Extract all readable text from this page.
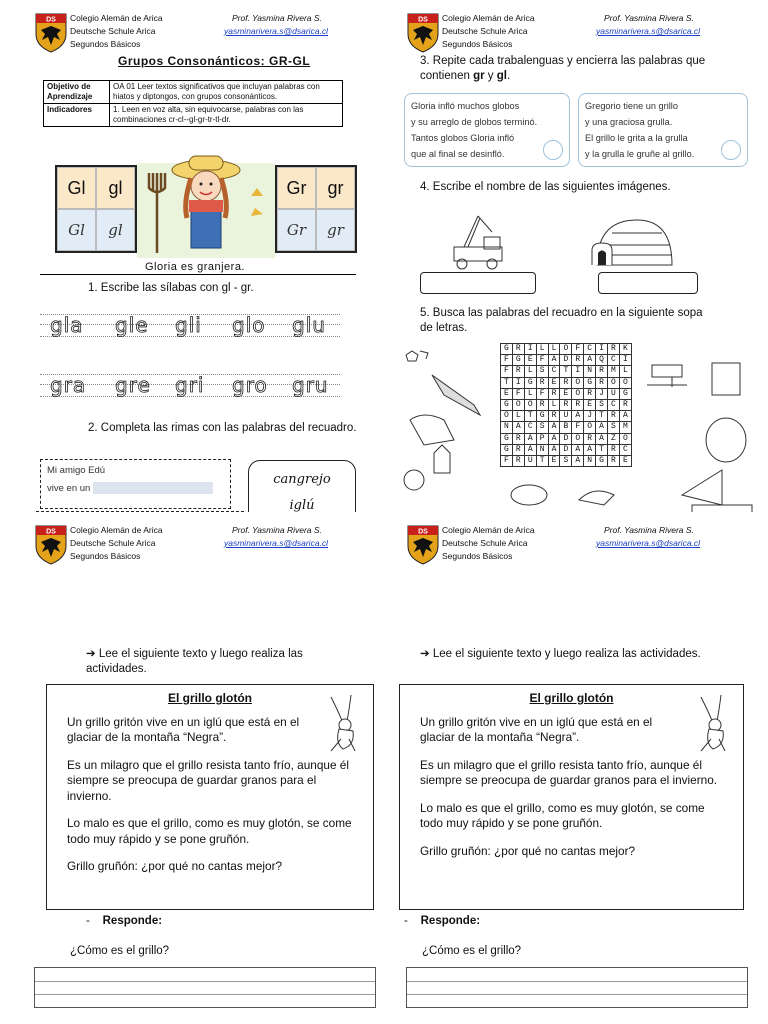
DS Colegio Alemán de Arica
Deutsche Schule Arica
Segundos Básicos
Prof. Yasmina Rivera S.
yasminarivera.s@dsarica.cl
Grupos Consonánticos: GR-GL
Objetivo de Aprendizaje	OA 01 Leer textos significativos que incluyan palabras con hiatos y diptongos, con grupos consonánticos.
Indicadores	1. Leen en voz alta, sin equivocarse, palabras con las combinaciones cr-cl--gl-gr-tr-tl-dr.
Gl	gl
Gl	gl
Gr	gr
Gr	gr
Gloria es granjera.
1. Escribe las sílabas con gl - gr.
gla gle gli glo glu
gra gre gri gro gru
2. Completa las rimas con las palabras del recuadro.
Mi amigo Edú
vive en un
cangrejo
iglú
DS Colegio Alemán de Arica
Deutsche Schule Arica
Segundos Básicos
Prof. Yasmina Rivera S.
yasminarivera.s@dsarica.cl
3. Repite cada trabalenguas y encierra las palabras que contienen gr y gl.
Gloria infló muchos globos
y su arreglo de globos terminó.
Tantos globos Gloria infló
que al final se desinfló.
Gregorio tiene un grillo
y una graciosa grulla.
El grillo le grita a la grulla
y la grulla le gruñe al grillo.
4. Escribe el nombre de las siguientes imágenes.
5. Busca las palabras del recuadro en la siguiente sopa de letras.
G	R	I	L	L	O	F	C	I	R	K
F	G	E	F	A	D	R	A	Q	C	I
F	R	L	S	C	T	I	N	R	M	L
T	I	G	R	E	R	O	G	R	O	O
E	F	L	F	R	E	O	R	J	U	G
G	O	O	R	L	R	R	E	S	C	R
O	L	T	G	R	U	A	J	T	R	A
N	A	C	S	A	B	F	O	A	S	M
G	R	A	P	A	D	O	R	A	Z	O
G	R	A	N	A	D	A	A	T	R	C
F	R	U	T	E	S	A	N	G	R	E
DS Colegio Alemán de Arica
Deutsche Schule Arica
Segundos Básicos
Prof. Yasmina Rivera S.
yasminarivera.s@dsarica.cl
➔ Lee el siguiente texto y luego realiza las actividades.
El grillo glotón

Un grillo gritón vive en un iglú que está en el glaciar de la montaña “Negra”.

Es un milagro que el grillo resista tanto frío, aunque él siempre se preocupa de guardar granos para el invierno.

Lo malo es que el grillo, como es muy glotón, se come todo muy rápido y se pone gruñón.

Grillo gruñón: ¿por qué no cantas mejor?

-    Responde:
¿Cómo es el grillo?
DS Colegio Alemán de Arica
Deutsche Schule Arica
Segundos Básicos
Prof. Yasmina Rivera S.
yasminarivera.s@dsarica.cl
➔ Lee el siguiente texto y luego realiza las actividades.
El grillo glotón

Un grillo gritón vive en un iglú que está en el glaciar de la montaña “Negra”.

Es un milagro que el grillo resista tanto frío, aunque él siempre se preocupa de guardar granos para el invierno.

Lo malo es que el grillo, como es muy glotón, se come todo muy rápido y se pone gruñón.

Grillo gruñón: ¿por qué no cantas mejor?

-    Responde:
¿Cómo es el grillo?
